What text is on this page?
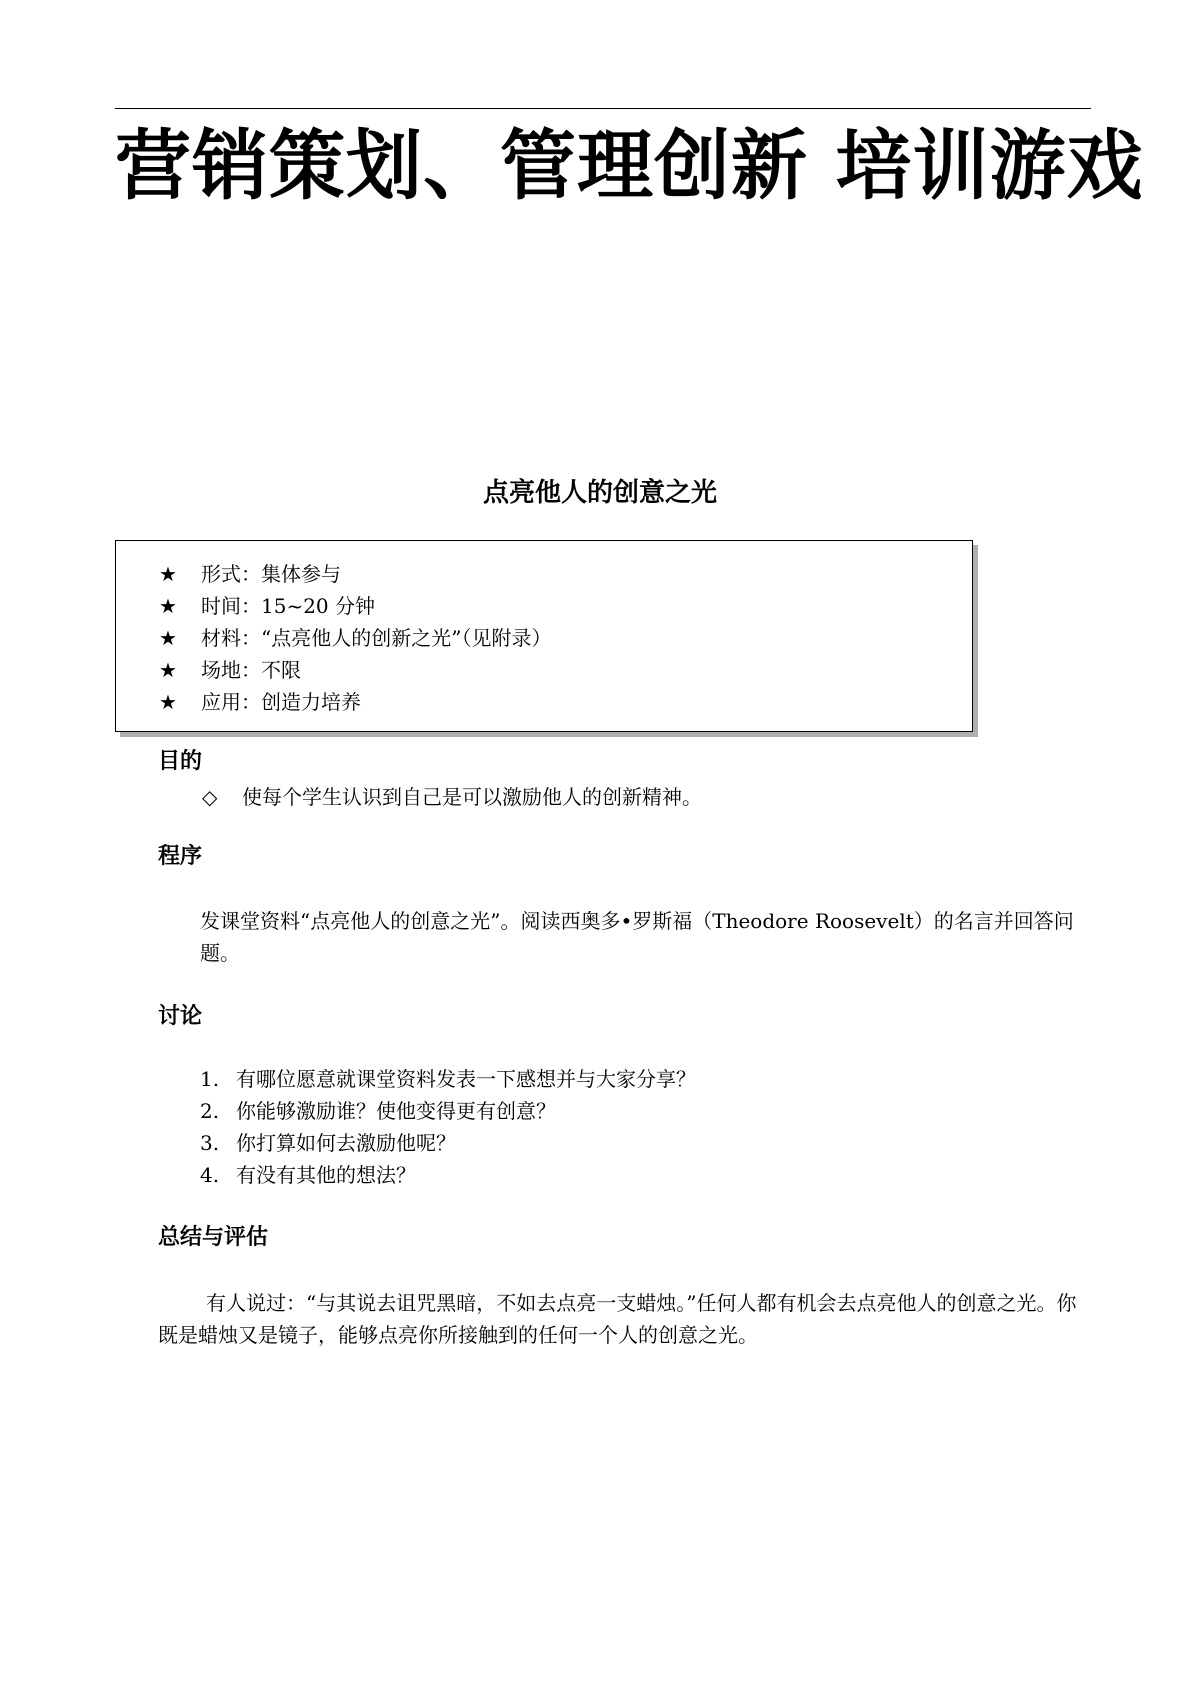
营销策划、管理创新 培训游戏
点亮他人的创意之光
★ 形式：集体参与
★ 时间：15~20 分钟
★ 材料：“点亮他人的创新之光”（见附录）
★ 场地：不限
★ 应用：创造力培养
目的
◇ 使每个学生认识到自己是可以激励他人的创新精神。
程序

发课堂资料“点亮他人的创意之光”。阅读西奥多•罗斯福（Theodore Roosevelt）的名言并回答问题。

讨论
1. 有哪位愿意就课堂资料发表一下感想并与大家分享？
2. 你能够激励谁？使他变得更有创意？
3. 你打算如何去激励他呢？
4. 有没有其他的想法？
总结与评估

有人说过：“与其说去诅咒黑暗，不如去点亮一支蜡烛。”任何人都有机会去点亮他人的创意之光。你既是蜡烛又是镜子，能够点亮你所接触到的任何一个人的创意之光。
